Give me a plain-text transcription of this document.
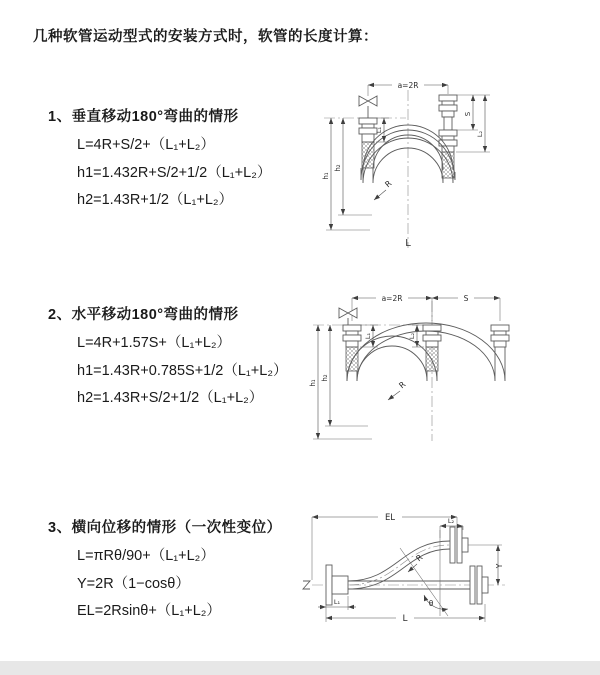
几种软管运动型式的安装方式时，软管的长度计算：
1、垂直移动180°弯曲的情形
L=4R+S/2+（L₁+L₂）
h1=1.432R+S/2+1/2（L₁+L₂）
h2=1.43R+1/2（L₁+L₂）
a=2R
S
L₂
L₁
h₁
h₂
R
L
2、水平移动180°弯曲的情形
L=4R+1.57S+（L₁+L₂）
h1=1.43R+0.785S+1/2（L₁+L₂）
h2=1.43R+S/2+1/2（L₁+L₂）
a=2R	S
L₁	L₂
h₁
h₂
R
3、横向位移的情形（一次性变位）
L=πRθ/90+（L₁+L₂）
Y=2R（1−cosθ）
EL=2Rsinθ+（L₁+L₂）
EL	L₂
θ
R
Y
L₁
L
